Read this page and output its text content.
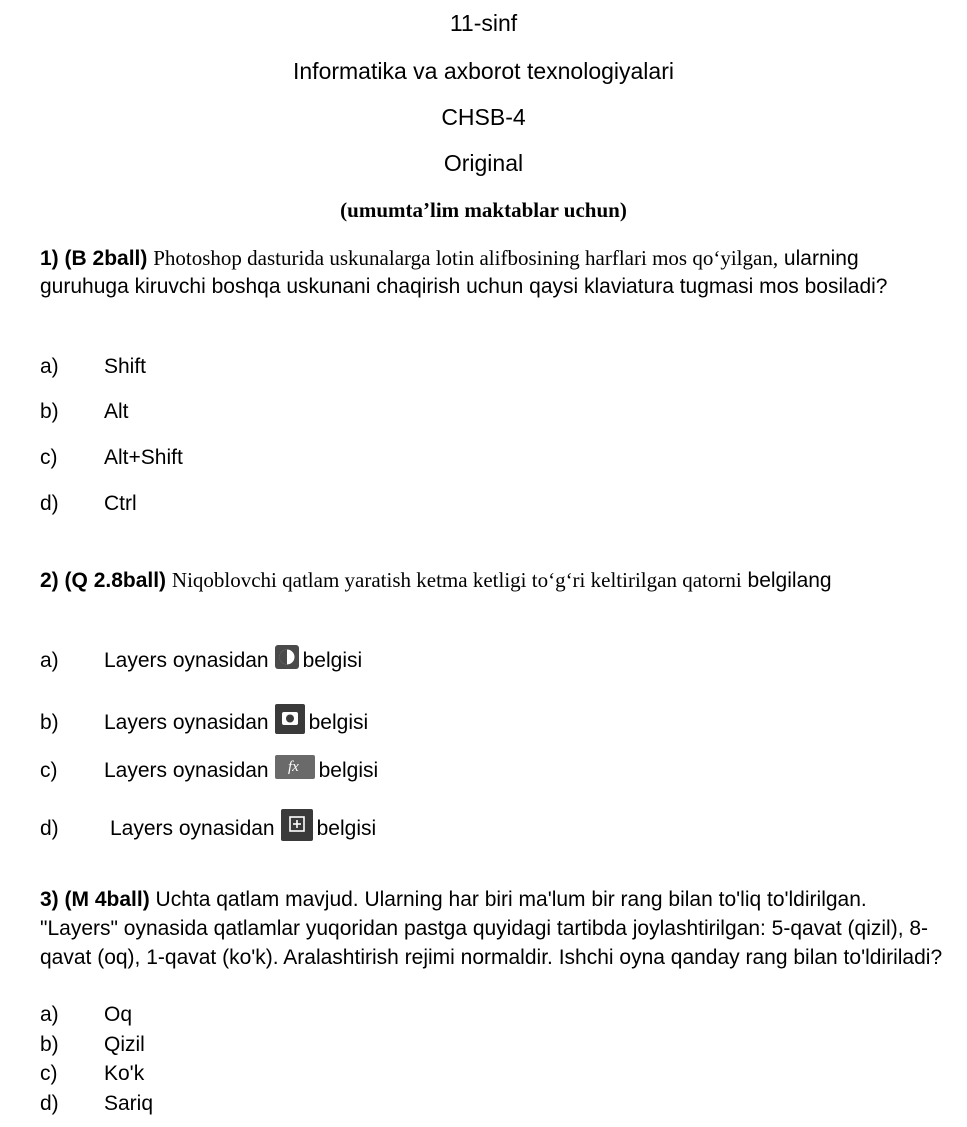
11-sinf
Informatika va axborot texnologiyalari
CHSB-4
Original
(umumta’lim maktablar uchun)
1) (B 2ball) Photoshop dasturida uskunalarga lotin alifbosining harflari mos qo‘yilgan, ularning guruhuga kiruvchi boshqa uskunani chaqirish uchun qaysi klaviatura tugmasi mos bosiladi?
a) Shift
b) Alt
c) Alt+Shift
d) Ctrl
2) (Q 2.8ball) Niqoblovchi qatlam yaratish ketma ketligi to‘g‘ri keltirilgan qatorni belgilang
a) Layers oynasidan belgisi
b) Layers oynasidan belgisi
c) Layers oynasidan fx belgisi
d) Layers oynasidan belgisi
3) (M 4ball) Uchta qatlam mavjud. Ularning har biri ma'lum bir rang bilan to'liq to'ldirilgan. "Layers" oynasida qatlamlar yuqoridan pastga quyidagi tartibda joylashtirilgan: 5-qavat (qizil), 8-qavat (oq), 1-qavat (ko'k). Aralashtirish rejimi normaldir. Ishchi oyna qanday rang bilan to'ldiriladi?
a) Oq
b) Qizil
c) Ko'k
d) Sariq
